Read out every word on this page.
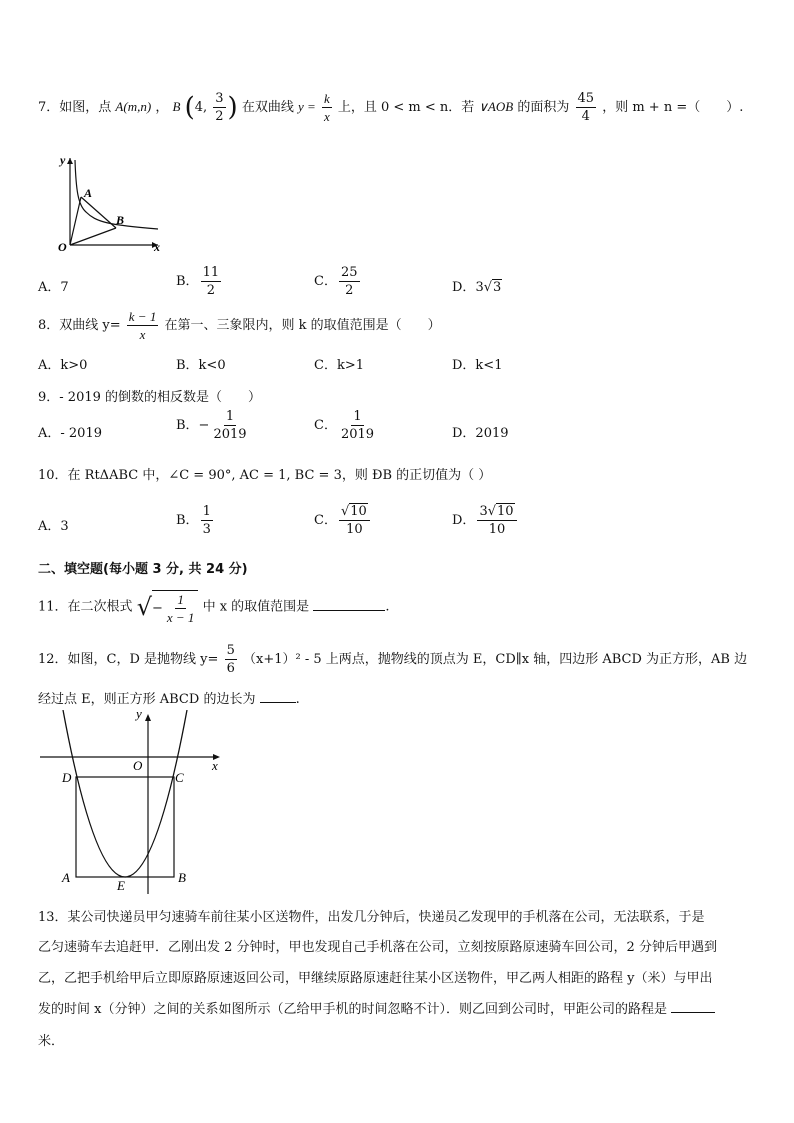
7．如图，点 A(m,n) ， B (4, $\frac{3}{2}$ ) 在双曲线 $y = \frac{k}{x}$ 上，且 0 < m < n．若 ∨AOB 的面积为 $\frac{45}{4}$ ，则 m + n =（　　）.
y
x
A
B
O
A．7	B． $\frac{11}{2}$	C． $\frac{25}{2}$	D．3√3
8．双曲线 $y= \frac{k - 1}{x}$ 在第一、三象限内，则 k 的取值范围是（　　）
A．k>0	B．k<0	C．k>1	D．k<1
9．- 2019 的倒数的相反数是（　　）
A．- 2019
B．− $\frac{1}{2019}$	C． $\frac{1}{2019}$	D．2019
10．在 RtΔABC 中，∠C = 90°, AC = 1, BC = 3，则 ÐB 的正切值为（ ）
A．3	B． $\frac{1}{3}$	C． $\frac{√10}{10}$	D． $\frac{3√10}{10}$
二、填空题(每小题 3 分, 共 24 分)
11．在二次根式 √ − $\frac{1}{x - 1}$ 中 x 的取值范围是	.
12．如图，C，D 是抛物线 $y= \frac{5}{6} (x+1)^2 - 5$ 上两点，抛物线的顶点为 E，CD∥x 轴，四边形 ABCD 为正方形，AB 边
经过点 E，则正方形 ABCD 的边长为	.
y
x
O
C
D
A	B
E
13．某公司快递员甲匀速骑车前往某小区送物件，出发几分钟后，快递员乙发现甲的手机落在公司，无法联系，于是
乙匀速骑车去追赶甲．乙刚出发 2 分钟时，甲也发现自己手机落在公司，立刻按原路原速骑车回公司，2 分钟后甲遇到
乙，乙把手机给甲后立即原路原速返回公司，甲继续原路原速赶往某小区送物件，甲乙两人相距的路程 y（米）与甲出
发的时间 x（分钟）之间的关系如图所示（乙给甲手机的时间忽略不计）．则乙回到公司时，甲距公司的路程是
米．
